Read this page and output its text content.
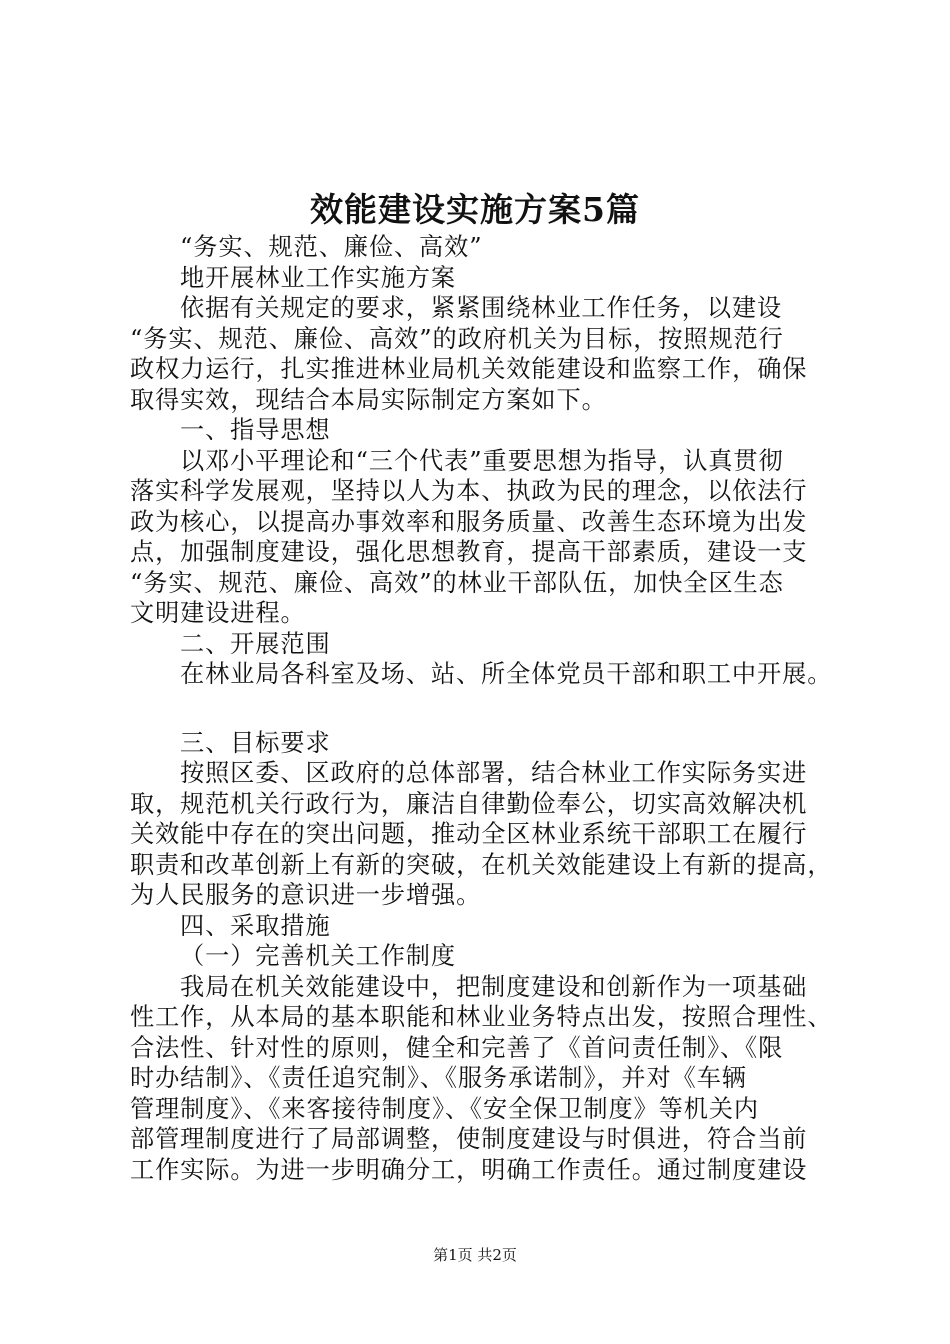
效能建设实施方案5篇
“务实、规范、廉俭、高效”
地开展林业工作实施方案
依据有关规定的要求，紧紧围绕林业工作任务，以建设
“务实、规范、廉俭、高效”的政府机关为目标，按照规范行
政权力运行，扎实推进林业局机关效能建设和监察工作，确保
取得实效，现结合本局实际制定方案如下。
一、指导思想
以邓小平理论和“三个代表”重要思想为指导，认真贯彻
落实科学发展观，坚持以人为本、执政为民的理念，以依法行
政为核心，以提高办事效率和服务质量、改善生态环境为出发
点，加强制度建设，强化思想教育，提高干部素质，建设一支
“务实、规范、廉俭、高效”的林业干部队伍，加快全区生态
文明建设进程。
二、开展范围
在林业局各科室及场、站、所全体党员干部和职工中开展。
三、目标要求
按照区委、区政府的总体部署，结合林业工作实际务实进
取，规范机关行政行为，廉洁自律勤俭奉公，切实高效解决机
关效能中存在的突出问题，推动全区林业系统干部职工在履行
职责和改革创新上有新的突破，在机关效能建设上有新的提高，
为人民服务的意识进一步增强。
四、采取措施
（一）完善机关工作制度
我局在机关效能建设中，把制度建设和创新作为一项基础
性工作，从本局的基本职能和林业业务特点出发，按照合理性、
合法性、针对性的原则，健全和完善了《首问责任制》、《限
时办结制》、《责任追究制》、《服务承诺制》，并对《车辆
管理制度》、《来客接待制度》、《安全保卫制度》等机关内
部管理制度进行了局部调整，使制度建设与时俱进，符合当前
工作实际。为进一步明确分工，明确工作责任。通过制度建设
第1页 共2页
